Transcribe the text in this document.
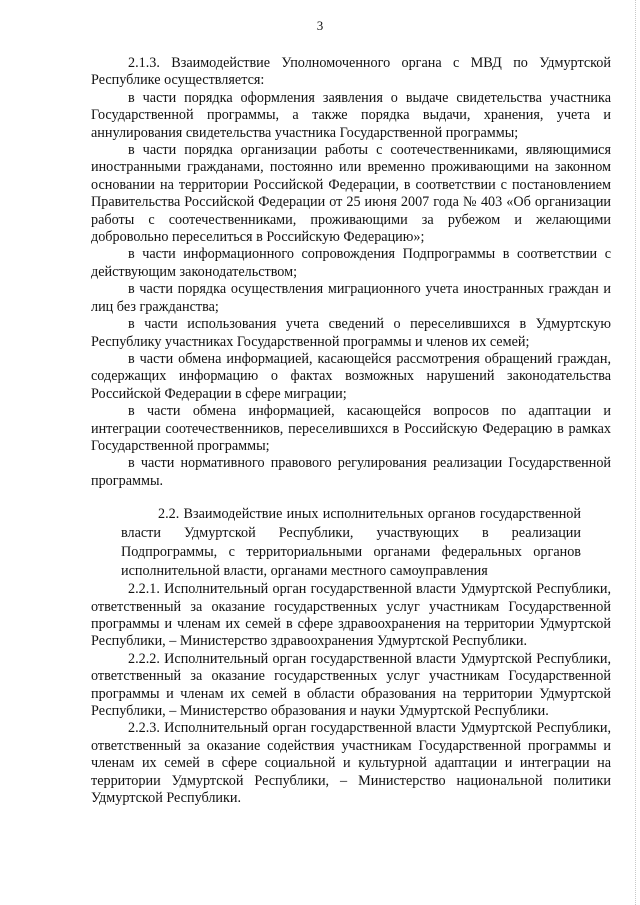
3

2.1.3. Взаимодействие Уполномоченного органа с МВД по Удмуртской Республике осуществляется:

в части порядка оформления заявления о выдаче свидетельства участника Государственной программы, а также порядка выдачи, хранения, учета и аннулирования свидетельства участника Государственной программы;

в части порядка организации работы с соотечественниками, являющимися иностранными гражданами, постоянно или временно проживающими на законном основании на территории Российской Федерации, в соответствии с постановлением Правительства Российской Федерации от 25 июня 2007 года № 403 «Об организации работы с соотечественниками, проживающими за рубежом и желающими добровольно переселиться в Российскую Федерацию»;

в части информационного сопровождения Подпрограммы в соответствии с действующим законодательством;

в части порядка осуществления миграционного учета иностранных граждан и лиц без гражданства;

в части использования учета сведений о переселившихся в Удмуртскую Республику участниках Государственной программы и членов их семей;

в части обмена информацией, касающейся рассмотрения обращений граждан, содержащих информацию о фактах возможных нарушений законодательства Российской Федерации в сфере миграции;

в части обмена информацией, касающейся вопросов по адаптации и интеграции соотечественников, переселившихся в Российскую Федерацию в рамках Государственной программы;

в части нормативного правового регулирования реализации Государственной программы.

2.2. Взаимодействие иных исполнительных органов государственной власти Удмуртской Республики, участвующих в реализации Подпрограммы, с территориальными органами федеральных органов исполнительной власти, органами местного самоуправления

2.2.1. Исполнительный орган государственной власти Удмуртской Республики, ответственный за оказание государственных услуг участникам Государственной программы и членам их семей в сфере здравоохранения на территории Удмуртской Республики, – Министерство здравоохранения Удмуртской Республики.

2.2.2. Исполнительный орган государственной власти Удмуртской Республики, ответственный за оказание государственных услуг участникам Государственной программы и членам их семей в области образования на территории Удмуртской Республики, – Министерство образования и науки Удмуртской Республики.

2.2.3. Исполнительный орган государственной власти Удмуртской Республики, ответственный за оказание содействия участникам Государственной программы и членам их семей в сфере социальной и культурной адаптации и интеграции на территории Удмуртской Республики, – Министерство национальной политики Удмуртской Республики.
